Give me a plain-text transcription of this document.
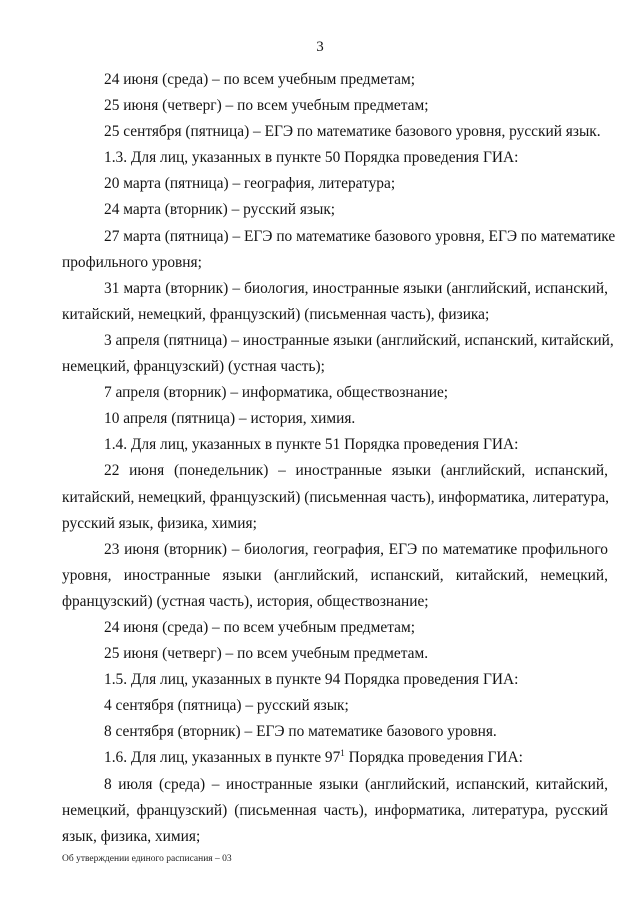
3

24 июня (среда) – по всем учебным предметам;

25 июня (четверг) – по всем учебным предметам;

25 сентября (пятница) – ЕГЭ по математике базового уровня, русский язык.

1.3. Для лиц, указанных в пункте 50 Порядка проведения ГИА:

20 марта (пятница) – география, литература;

24 марта (вторник) – русский язык;

27 марта (пятница) – ЕГЭ по математике базового уровня, ЕГЭ по математике
профильного уровня;

31 марта (вторник) – биология, иностранные языки (английский, испанский,
китайский, немецкий, французский) (письменная часть), физика;

3 апреля (пятница) – иностранные языки (английский, испанский, китайский,
немецкий, французский) (устная часть);

7 апреля (вторник) – информатика, обществознание;

10 апреля (пятница) – история, химия.

1.4. Для лиц, указанных в пункте 51 Порядка проведения ГИА:

22 июня (понедельник) – иностранные языки (английский, испанский,
китайский, немецкий, французский) (письменная часть), информатика, литература,
русский язык, физика, химия;

23 июня (вторник) – биология, география, ЕГЭ по математике профильного
уровня, иностранные языки (английский, испанский, китайский, немецкий,
французский) (устная часть), история, обществознание;

24 июня (среда) – по всем учебным предметам;

25 июня (четверг) – по всем учебным предметам.

1.5. Для лиц, указанных в пункте 94 Порядка проведения ГИА:

4 сентября (пятница) – русский язык;

8 сентября (вторник) – ЕГЭ по математике базового уровня.

1.6. Для лиц, указанных в пункте 97$^1$ Порядка проведения ГИА:

8 июля (среда) – иностранные языки (английский, испанский, китайский,
немецкий, французский) (письменная часть), информатика, литература, русский
язык, физика, химия;

Об утверждении единого расписания – 03
